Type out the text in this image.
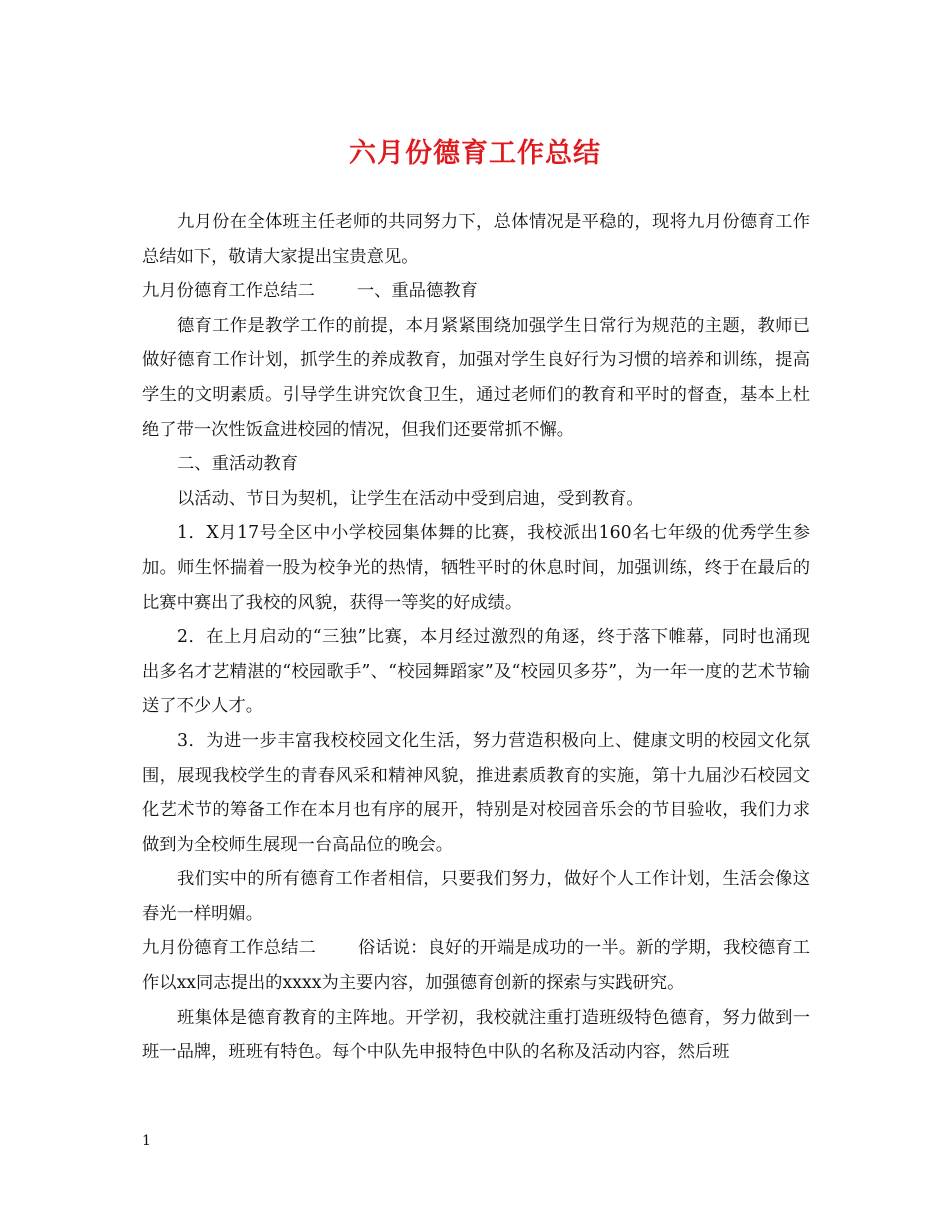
六月份德育工作总结

九月份在全体班主任老师的共同努力下，总体情况是平稳的，现将九月份德育工作总结如下，敬请大家提出宝贵意见。

九月份德育工作总结二 一、重品德教育

德育工作是教学工作的前提，本月紧紧围绕加强学生日常行为规范的主题，教师已做好德育工作计划，抓学生的养成教育，加强对学生良好行为习惯的培养和训练，提高学生的文明素质。引导学生讲究饮食卫生，通过老师们的教育和平时的督查，基本上杜绝了带一次性饭盒进校园的情况，但我们还要常抓不懈。

二、重活动教育

以活动、节日为契机，让学生在活动中受到启迪，受到教育。

1．X月17号全区中小学校园集体舞的比赛，我校派出160名七年级的优秀学生参加。师生怀揣着一股为校争光的热情，牺牲平时的休息时间，加强训练，终于在最后的比赛中赛出了我校的风貌，获得一等奖的好成绩。

2．在上月启动的“三独”比赛，本月经过激烈的角逐，终于落下帷幕，同时也涌现出多名才艺精湛的“校园歌手”、“校园舞蹈家”及“校园贝多芬”，为一年一度的艺术节输送了不少人才。

3．为进一步丰富我校校园文化生活，努力营造积极向上、健康文明的校园文化氛围，展现我校学生的青春风采和精神风貌，推进素质教育的实施，第十九届沙石校园文化艺术节的筹备工作在本月也有序的展开，特别是对校园音乐会的节目验收，我们力求做到为全校师生展现一台高品位的晚会。

我们实中的所有德育工作者相信，只要我们努力，做好个人工作计划，生活会像这春光一样明媚。

九月份德育工作总结二 俗话说：良好的开端是成功的一半。新的学期，我校德育工作以xx同志提出的xxxx为主要内容，加强德育创新的探索与实践研究。

班集体是德育教育的主阵地。开学初，我校就注重打造班级特色德育，努力做到一班一品牌，班班有特色。每个中队先申报特色中队的名称及活动内容，然后班

1
